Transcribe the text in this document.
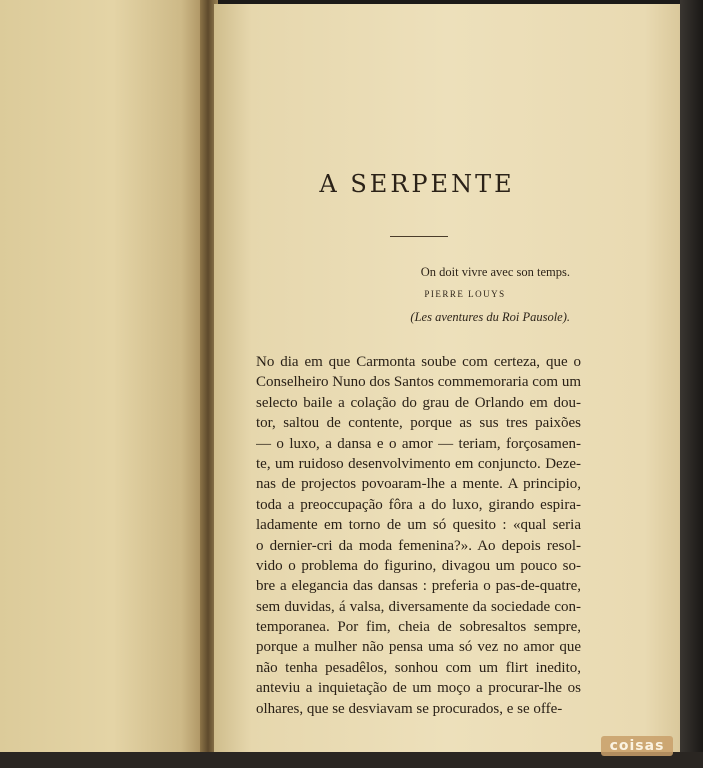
A SERPENTE
On doit vivre avec son temps.
PIERRE LOUYS
(Les aventures du Roi Pausole).
No dia em que Carmonta soube com certeza, que o
Conselheiro Nuno dos Santos commemoraria com um
selecto baile a colação do grau de Orlando em dou-
tor, saltou de contente, porque as sus tres paixões
— o luxo, a dansa e o amor — teriam, forçosamen-
te, um ruidoso desenvolvimento em conjuncto. Deze-
nas de projectos povoaram-lhe a mente. A principio,
toda a preoccupação fôra a do luxo, girando espira-
ladamente em torno de um só quesito : «qual seria
o dernier-cri da moda femenina?». Ao depois resol-
vido o problema do figurino, divagou um pouco so-
bre a elegancia das dansas : preferia o pas-de-quatre,
sem duvidas, á valsa, diversamente da sociedade con-
temporanea. Por fim, cheia de sobresaltos sempre,
porque a mulher não pensa uma só vez no amor que
não tenha pesadêlos, sonhou com um flirt inedito,
anteviu a inquietação de um moço a procurar-lhe os
olhares, que se desviavam se procurados, e se offe-
coisas
